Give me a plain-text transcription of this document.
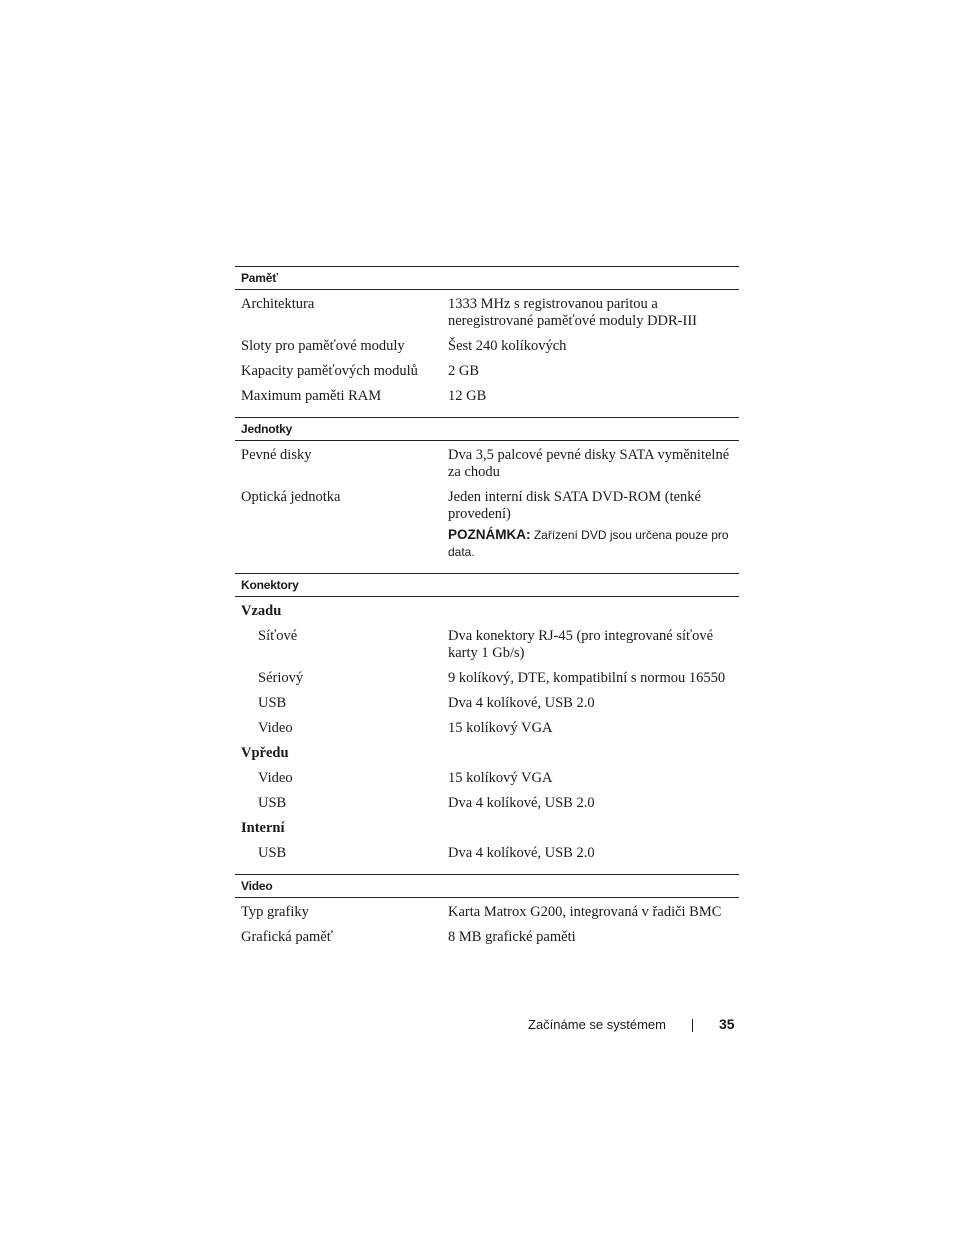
Paměť
Architektura	1333 MHz s registrovanou paritou a neregistrované paměťové moduly DDR-III
Sloty pro paměťové moduly	Šest 240 kolíkových
Kapacity paměťových modulů	2 GB
Maximum paměti RAM	12 GB
Jednotky
Pevné disky	Dva 3,5 palcové pevné disky SATA vyměnitelné za chodu
Optická jednotka	Jeden interní disk SATA DVD-ROM (tenké provedení)
POZNÁMKA: Zařízení DVD jsou určena pouze pro data.
Konektory
Vzadu
Síťové	Dva konektory RJ-45 (pro integrované síťové karty 1 Gb/s)
Sériový	9 kolíkový, DTE, kompatibilní s normou 16550
USB	Dva 4 kolíkové, USB 2.0
Video	15 kolíkový VGA
Vpředu
Video	15 kolíkový VGA
USB	Dva 4 kolíkové, USB 2.0
Interní
USB	Dva 4 kolíkové, USB 2.0
Video
Typ grafiky	Karta Matrox G200, integrovaná v řadiči BMC
Grafická paměť	8 MB grafické paměti
Začínáme se systémem	35
